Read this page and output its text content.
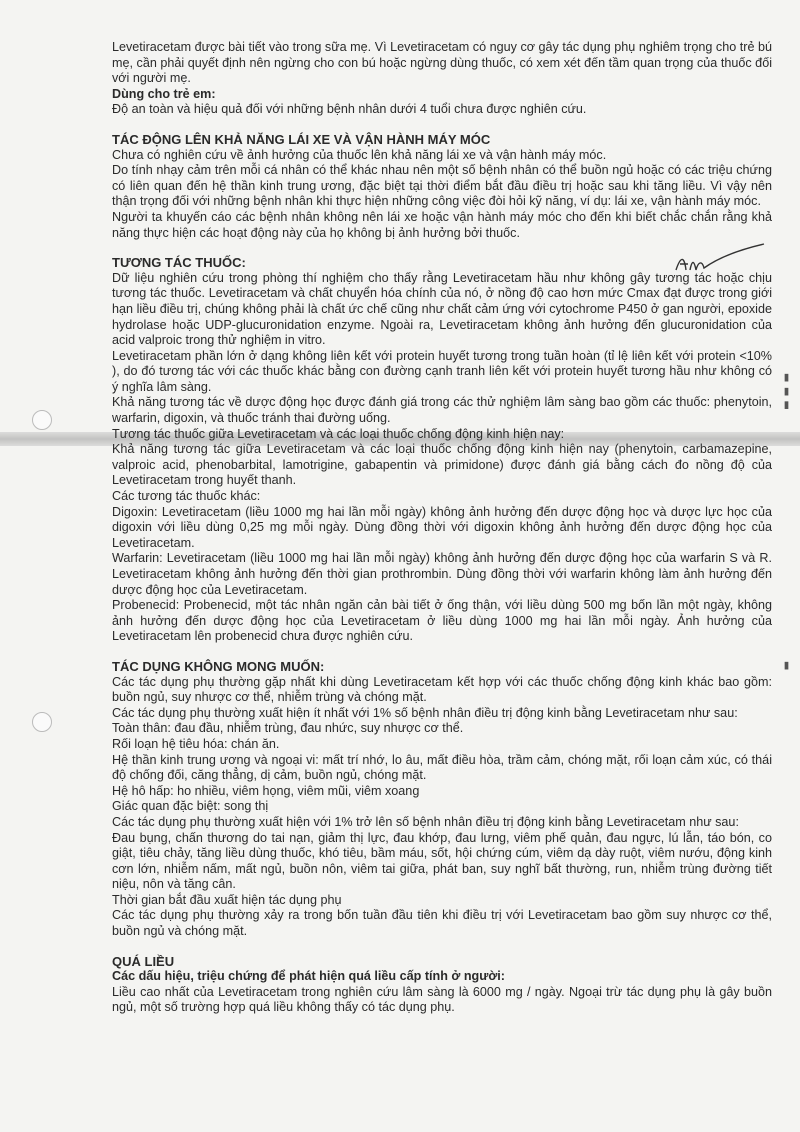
▮ ▮ ▮
▮

Levetiracetam được bài tiết vào trong sữa mẹ. Vì Levetiracetam có nguy cơ gây tác dụng phụ nghiêm trọng cho trẻ bú mẹ, cần phải quyết định nên ngừng cho con bú hoặc ngừng dùng thuốc, có xem xét đến tầm quan trọng của thuốc đối với người mẹ.

Dùng cho trẻ em:

Độ an toàn và hiệu quả đối với những bệnh nhân dưới 4 tuổi chưa được nghiên cứu.

TÁC ĐỘNG LÊN KHẢ NĂNG LÁI XE VÀ VẬN HÀNH MÁY MÓC

Chưa có nghiên cứu về ảnh hưởng của thuốc lên khả năng lái xe và vận hành máy móc.

Do tính nhạy cảm trên mỗi cá nhân có thể khác nhau nên một số bệnh nhân có thể buồn ngủ hoặc có các triệu chứng có liên quan đến hệ thần kinh trung ương, đặc biệt tại thời điểm bắt đầu điều trị hoặc sau khi tăng liều. Vì vậy nên thận trọng đối với những bệnh nhân khi thực hiện những công việc đòi hỏi kỹ năng, ví dụ: lái xe, vận hành máy móc.

Người ta khuyến cáo các bệnh nhân không nên lái xe hoặc vận hành máy móc cho đến khi biết chắc chắn rằng khả năng thực hiện các hoạt động này của họ không bị ảnh hưởng bởi thuốc.

TƯƠNG TÁC THUỐC:

Dữ liệu nghiên cứu trong phòng thí nghiệm cho thấy rằng Levetiracetam hầu như không gây tương tác hoặc chịu tương tác thuốc. Levetiracetam và chất chuyển hóa chính của nó, ở nồng độ cao hơn mức Cmax đạt được trong giới hạn liều điều trị, chúng không phải là chất ức chế cũng như chất cảm ứng với cytochrome P450 ở gan người, epoxide hydrolase hoặc UDP-glucuronidation enzyme. Ngoài ra, Levetiracetam không ảnh hưởng đến glucuronidation của acid valproic trong thử nghiệm in vitro.

Levetiracetam phần lớn ở dạng không liên kết với protein huyết tương trong tuần hoàn (tỉ lệ liên kết với protein <10% ), do đó tương tác với các thuốc khác bằng con đường cạnh tranh liên kết với protein huyết tương hầu như không có ý nghĩa lâm sàng.

Khả năng tương tác về dược động học được đánh giá trong các thử nghiệm lâm sàng bao gồm các thuốc: phenytoin, warfarin, digoxin, và thuốc tránh thai đường uống.

Tương tác thuốc giữa Levetiracetam và các loại thuốc chống động kinh hiện nay:

Khả năng tương tác giữa Levetiracetam và các loại thuốc chống động kinh hiện nay (phenytoin, carbamazepine, valproic acid, phenobarbital, lamotrigine, gabapentin và primidone) được đánh giá bằng cách đo nồng độ của Levetiracetam trong huyết thanh.

Các tương tác thuốc khác:

Digoxin: Levetiracetam (liều 1000 mg hai lần mỗi ngày) không ảnh hưởng đến dược động học và dược lực học của digoxin với liều dùng 0,25 mg mỗi ngày. Dùng đồng thời với digoxin không ảnh hưởng đến dược động học của Levetiracetam.

Warfarin: Levetiracetam (liều 1000 mg hai lần mỗi ngày) không ảnh hưởng đến dược động học của warfarin S và R. Levetiracetam không ảnh hưởng đến thời gian prothrombin. Dùng đồng thời với warfarin không làm ảnh hưởng đến dược động học của Levetiracetam.

Probenecid: Probenecid, một tác nhân ngăn cản bài tiết ở ống thận, với liều dùng 500 mg bốn lần một ngày, không ảnh hưởng đến dược động học của Levetiracetam ở liều dùng 1000 mg hai lần mỗi ngày. Ảnh hưởng của Levetiracetam lên probenecid chưa được nghiên cứu.

TÁC DỤNG KHÔNG MONG MUỐN:

Các tác dụng phụ thường gặp nhất khi dùng Levetiracetam kết hợp với các thuốc chống động kinh khác bao gồm: buồn ngủ, suy nhược cơ thể, nhiễm trùng và chóng mặt.

Các tác dụng phụ thường xuất hiện ít nhất với 1% số bệnh nhân điều trị động kinh bằng Levetiracetam như sau:

Toàn thân: đau đầu, nhiễm trùng, đau nhức, suy nhược cơ thể.

Rối loạn hệ tiêu hóa: chán ăn.

Hệ thần kinh trung ương và ngoại vi: mất trí nhớ, lo âu, mất điều hòa, trầm cảm, chóng mặt, rối loạn cảm xúc, có thái độ chống đối, căng thẳng, dị cảm, buồn ngủ, chóng mặt.

Hệ hô hấp: ho nhiều, viêm họng, viêm mũi, viêm xoang

Giác quan đặc biệt: song thị

Các tác dụng phụ thường xuất hiện với 1% trở lên số bệnh nhân điều trị động kinh bằng Levetiracetam như sau:

Đau bụng, chấn thương do tai nạn, giảm thị lực, đau khớp, đau lưng, viêm phế quản, đau ngực, lú lẫn, táo bón, co giật, tiêu chảy, tăng liều dùng thuốc, khó tiêu, bầm máu, sốt, hội chứng cúm, viêm dạ dày ruột, viêm nướu, động kinh cơn lớn, nhiễm nấm, mất ngủ, buồn nôn, viêm tai giữa, phát ban, suy nghĩ bất thường, run, nhiễm trùng đường tiết niệu, nôn và tăng cân.

Thời gian bắt đầu xuất hiện tác dụng phụ

Các tác dụng phụ thường xảy ra trong bốn tuần đầu tiên khi điều trị với Levetiracetam bao gồm suy nhược cơ thể, buồn ngủ và chóng mặt.

QUÁ LIỀU

Các dấu hiệu, triệu chứng để phát hiện quá liều cấp tính ở người:

Liều cao nhất của Levetiracetam trong nghiên cứu lâm sàng là 6000 mg / ngày. Ngoại trừ tác dụng phụ là gây buồn ngủ, một số trường hợp quá liều không thấy có tác dụng phụ.
